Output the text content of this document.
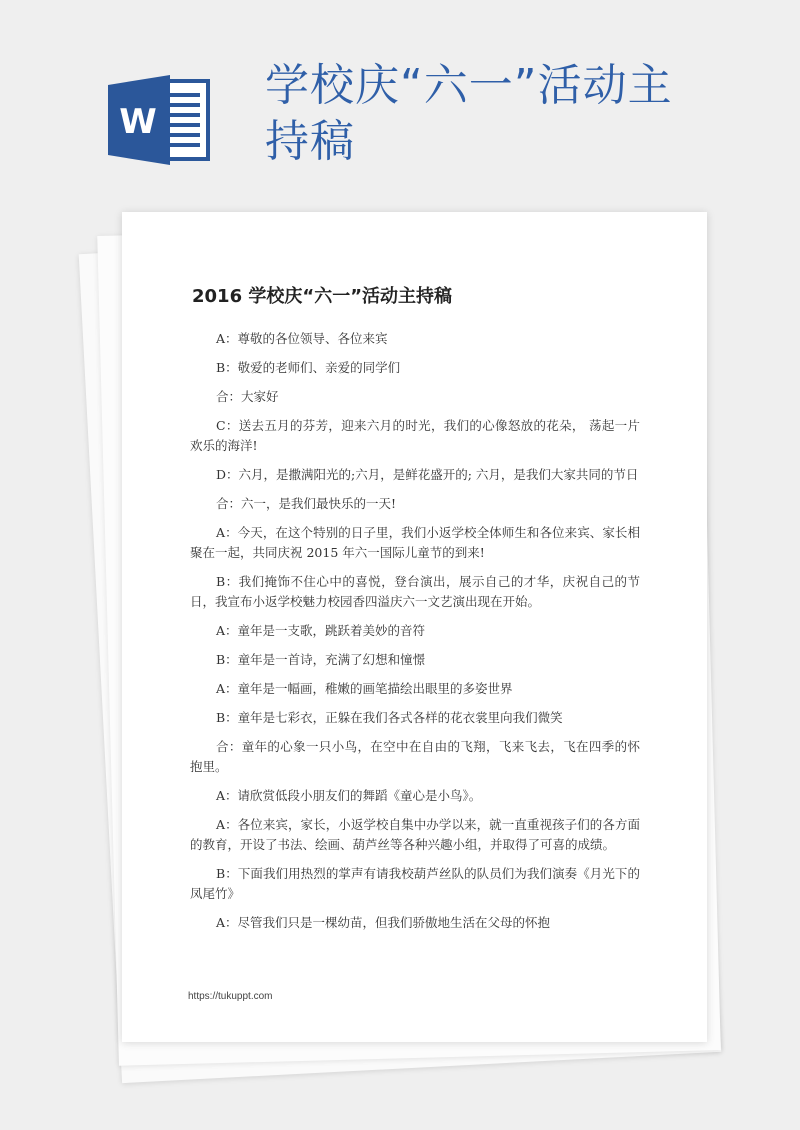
W
学校庆“六一”活动主持稿
2016 学校庆“六一”活动主持稿

A：尊敬的各位领导、各位来宾

B：敬爱的老师们、亲爱的同学们

合：大家好

C：送去五月的芬芳，迎来六月的时光，我们的心像怒放的花朵， 荡起一片欢乐的海洋!

D：六月，是撒满阳光的;六月，是鲜花盛开的; 六月，是我们大家共同的节日

合：六一，是我们最快乐的一天!

A：今天，在这个特别的日子里，我们小返学校全体师生和各位来宾、家长相聚在一起，共同庆祝 2015 年六一国际儿童节的到来!

B：我们掩饰不住心中的喜悦，登台演出，展示自己的才华，庆祝自己的节日，我宣布小返学校魅力校园香四溢庆六一文艺演出现在开始。

A：童年是一支歌，跳跃着美妙的音符

B：童年是一首诗，充满了幻想和憧憬

A：童年是一幅画，稚嫩的画笔描绘出眼里的多姿世界

B：童年是七彩衣，正躲在我们各式各样的花衣裳里向我们微笑

合：童年的心象一只小鸟，在空中在自由的飞翔，飞来飞去，飞在四季的怀抱里。

A：请欣赏低段小朋友们的舞蹈《童心是小鸟》。

A：各位来宾，家长，小返学校自集中办学以来，就一直重视孩子们的各方面的教育，开设了书法、绘画、葫芦丝等各种兴趣小组，并取得了可喜的成绩。

B：下面我们用热烈的掌声有请我校葫芦丝队的队员们为我们演奏《月光下的凤尾竹》

A：尽管我们只是一棵幼苗，但我们骄傲地生活在父母的怀抱

https://tukuppt.com
